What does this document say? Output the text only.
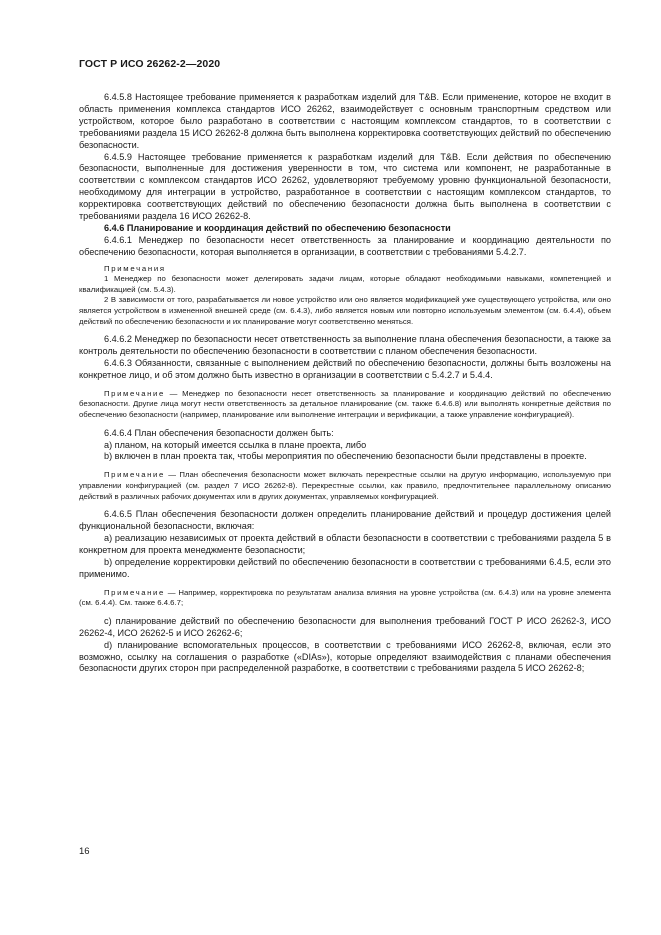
ГОСТ Р ИСО 26262-2—2020

6.4.5.8 Настоящее требование применяется к разработкам изделий для T&B. Если применение, которое не входит в область применения комплекса стандартов ИСО 26262, взаимодействует с основным транспортным средством или устройством, которое было разработано в соответствии с настоящим комплексом стандартов, то в соответствии с требованиями раздела 15 ИСО 26262-8 должна быть выполнена корректировка соответствующих действий по обеспечению безопасности.

6.4.5.9 Настоящее требование применяется к разработкам изделий для T&B. Если действия по обеспечению безопасности, выполненные для достижения уверенности в том, что система или компонент, не разработанные в соответствии с комплексом стандартов ИСО 26262, удовлетворяют требуемому уровню функциональной безопасности, необходимому для интеграции в устройство, разработанное в соответствии с настоящим комплексом стандартов, то корректировка соответствующих действий по обеспечению безопасности должна быть выполнена в соответствии с требованиями раздела 16 ИСО 26262-8.

6.4.6 Планирование и координация действий по обеспечению безопасности

6.4.6.1 Менеджер по безопасности несет ответственность за планирование и координацию деятельности по обеспечению безопасности, которая выполняется в организации, в соответствии с требованиями 5.4.2.7.

Примечания

1 Менеджер по безопасности может делегировать задачи лицам, которые обладают необходимыми навыками, компетенцией и квалификацией (см. 5.4.3).

2 В зависимости от того, разрабатывается ли новое устройство или оно является модификацией уже существующего устройства, или оно является устройством в измененной внешней среде (см. 6.4.3), либо является новым или повторно используемым элементом (см. 6.4.4), объем действий по обеспечению безопасности и их планирование могут соответственно меняться.

6.4.6.2 Менеджер по безопасности несет ответственность за выполнение плана обеспечения безопасности, а также за контроль деятельности по обеспечению безопасности в соответствии с планом обеспечения безопасности.

6.4.6.3 Обязанности, связанные с выполнением действий по обеспечению безопасности, должны быть возложены на конкретное лицо, и об этом должно быть известно в организации в соответствии с 5.4.2.7 и 5.4.4.

Примечание — Менеджер по безопасности несет ответственность за планирование и координацию действий по обеспечению безопасности. Другие лица могут нести ответственность за детальное планирование (см. также 6.4.6.8) или выполнять конкретные действия по обеспечению безопасности (например, планирование или выполнение интеграции и верификации, а также управление конфигурацией).

6.4.6.4 План обеспечения безопасности должен быть:

a) планом, на который имеется ссылка в плане проекта, либо

b) включен в план проекта так, чтобы мероприятия по обеспечению безопасности были представлены в проекте.

Примечание — План обеспечения безопасности может включать перекрестные ссылки на другую информацию, используемую при управлении конфигурацией (см. раздел 7 ИСО 26262-8). Перекрестные ссылки, как правило, предпочтительнее параллельному описанию действий в различных рабочих документах или в других документах, управляемых конфигурацией.

6.4.6.5 План обеспечения безопасности должен определить планирование действий и процедур достижения целей функциональной безопасности, включая:

a) реализацию независимых от проекта действий в области безопасности в соответствии с требованиями раздела 5 в конкретном для проекта менеджменте безопасности;

b) определение корректировки действий по обеспечению безопасности в соответствии с требованиями 6.4.5, если это применимо.

Примечание — Например, корректировка по результатам анализа влияния на уровне устройства (см. 6.4.3) или на уровне элемента (см. 6.4.4). См. также 6.4.6.7;

c) планирование действий по обеспечению безопасности для выполнения требований ГОСТ Р ИСО 26262-3, ИСО 26262-4, ИСО 26262-5 и ИСО 26262-6;

d) планирование вспомогательных процессов, в соответствии с требованиями ИСО 26262-8, включая, если это возможно, ссылку на соглашения о разработке («DIAs»), которые определяют взаимодействия с планами обеспечения безопасности других сторон при распределенной разработке, в соответствии с требованиями раздела 5 ИСО 26262-8;

16
